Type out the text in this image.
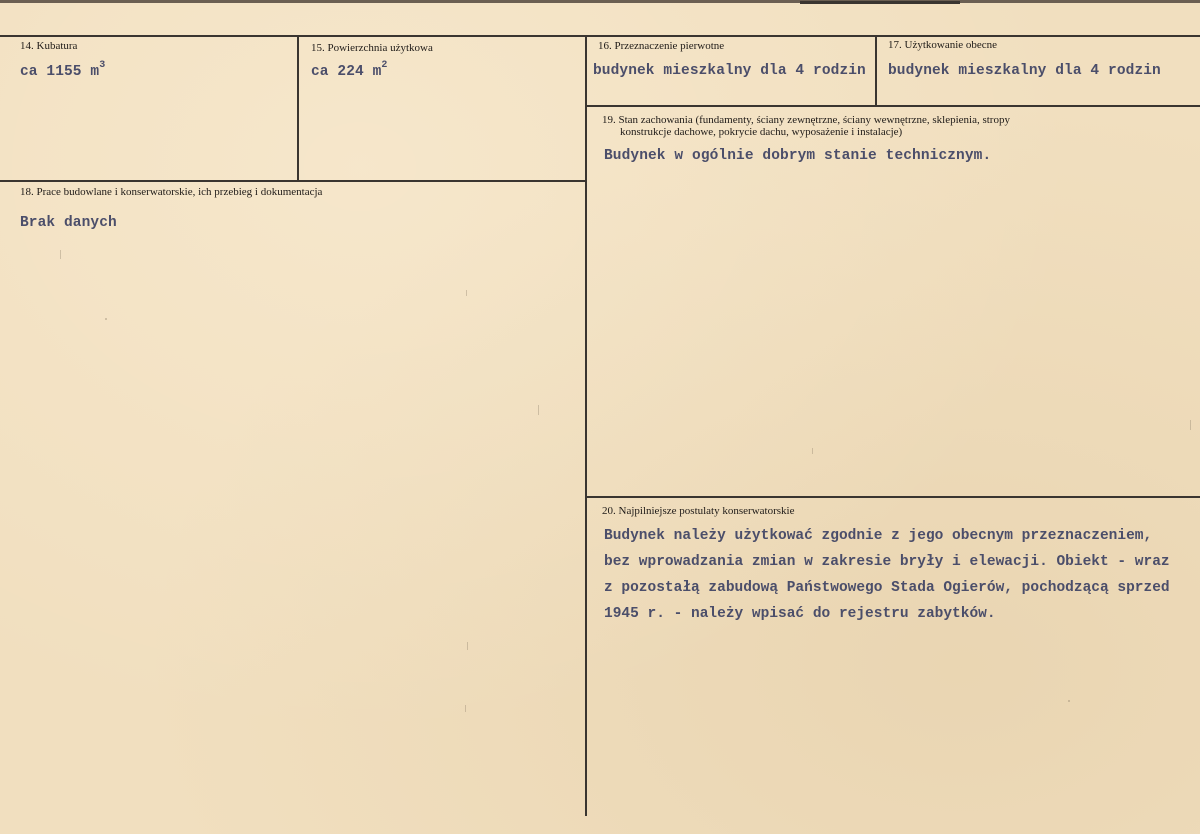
14. Kubatura
ca 1155 $m^3$
15. Powierzchnia użytkowa
ca 224 $m^2$
16. Przeznaczenie pierwotne
budynek mieszkalny dla 4 rodzin
17. Użytkowanie obecne
budynek mieszkalny dla 4 rodzin
18. Prace budowlane i konserwatorskie, ich przebieg i dokumentacja
Brak danych
19. Stan zachowania (fundamenty, ściany zewnętrzne, ściany wewnętrzne, sklepienia, stropy
konstrukcje dachowe, pokrycie dachu, wyposażenie i instalacje)
Budynek w ogólnie dobrym stanie technicznym.
20. Najpilniejsze postulaty konserwatorskie
Budynek należy użytkować zgodnie z jego obecnym przeznaczeniem,
bez wprowadzania zmian w zakresie bryły i elewacji. Obiekt - wraz
z pozostałą zabudową Państwowego Stada Ogierów, pochodzącą sprzed
1945 r. - należy wpisać do rejestru zabytków.
